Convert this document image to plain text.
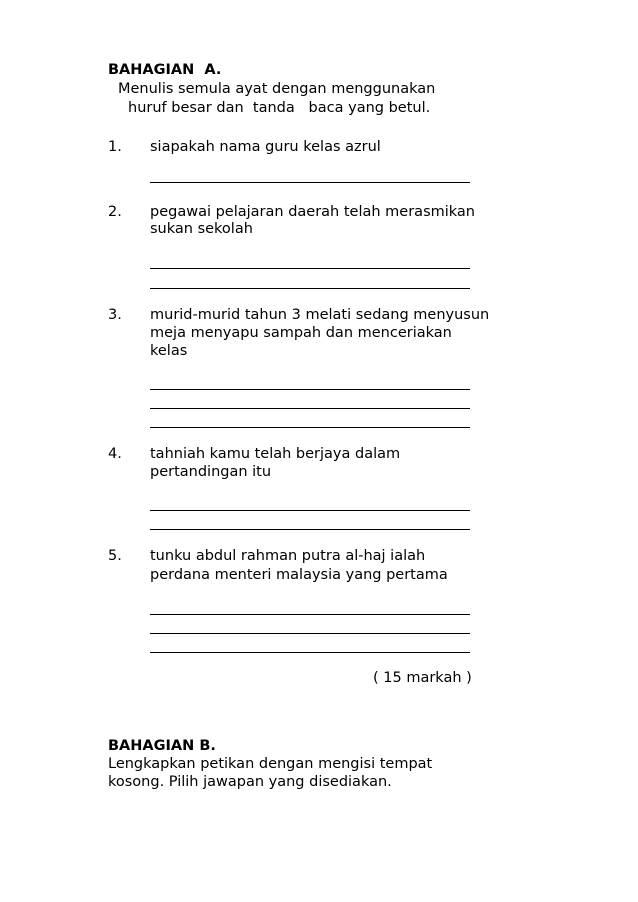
BAHAGIAN  A.
Menulis semula ayat dengan menggunakan
huruf besar dan  tanda   baca yang betul.
1. siapakah nama guru kelas azrul
2. pegawai pelajaran daerah telah merasmikan
sukan sekolah
3. murid-murid tahun 3 melati sedang menyusun
meja menyapu sampah dan menceriakan
kelas
4. tahniah kamu telah berjaya dalam
pertandingan itu
5. tunku abdul rahman putra al-haj ialah
perdana menteri malaysia yang pertama
( 15 markah )
BAHAGIAN B.
Lengkapkan petikan dengan mengisi tempat
kosong. Pilih jawapan yang disediakan.
